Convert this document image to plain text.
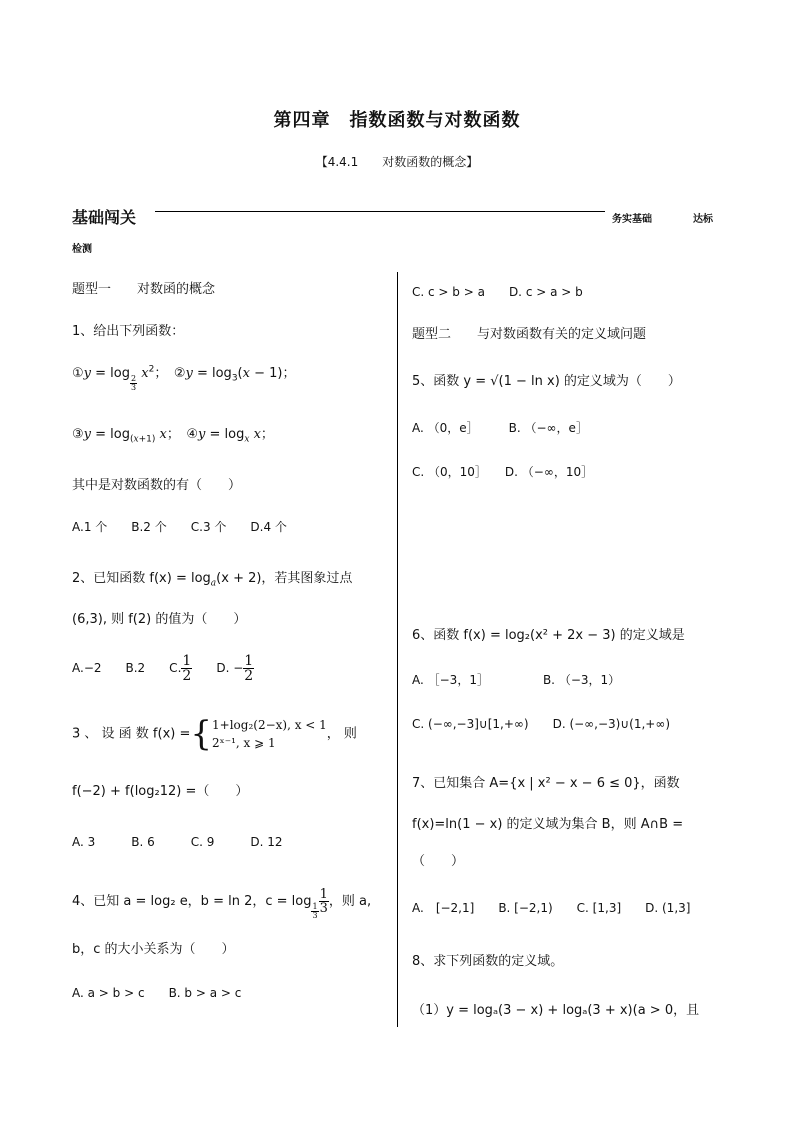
第四章　指数函数与对数函数
【4.4.1　　对数函数的概念】
基础闯关	务实基础	达标
检测
题型一　　对数函的概念
1、给出下列函数：
①y = log
$_{\frac{2}{3}}$
$x^2$；　②y = $\log_3(x - 1)$；
③y = $\log_{(x+1)} x$；　④y = $\log_x x$；
其中是对数函数的有（　　）
A.1 个　　B.2 个　　C.3 个　　D.4 个
2、已知函数 $f(x) = \log_a(x + 2)$，若其图象过点
(6,3), 则 f(2) 的值为（　　）
A.−2　　B.2　　C. $\frac{1}{2}$
　　 D. − $\frac{1}{2}$
3 、 设 函 数 f(x) ={ 1+log₂(2−x), x < 1
2ˣ⁻¹, x ⩾ 1
， 则
f(−2) + f(log₂12) =（　　）
A. 3　　　B. 6　　　C. 9　　　D. 12
4、已知 a = log₂ e，b = ln 2，c = log
$_{\frac{1}{3}} \frac{1}{3}$ ，则 a,
b，c 的大小关系为（　　）
A. a > b > c　　B. b > a > c
C. c > b > a　　D. c > a > b
题型二　　与对数函数有关的定义域问题
5、函数 y = √(1 − ln x) 的定义域为（　　）
A. （0，e］　　　B. （−∞，e］
C. （0，10］　　D. （−∞，10］
6、函数 f(x) = log₂(x² + 2x − 3) 的定义域是
A. ［−3，1］　　　　　B. （−3，1）
C. (−∞,−3]∪[1,+∞)　　D. (−∞,−3)∪(1,+∞)
7、已知集合 A={x | x² − x − 6 ≤ 0}，函数
f(x)=ln(1 − x) 的定义域为集合 B，则 A∩B =
（　　）
A.　[−2,1]　　B. [−2,1)　　C. [1,3]　　D. (1,3]
8、求下列函数的定义域。
（1）y = logₐ(3 − x) + logₐ(3 + x)(a > 0，且
